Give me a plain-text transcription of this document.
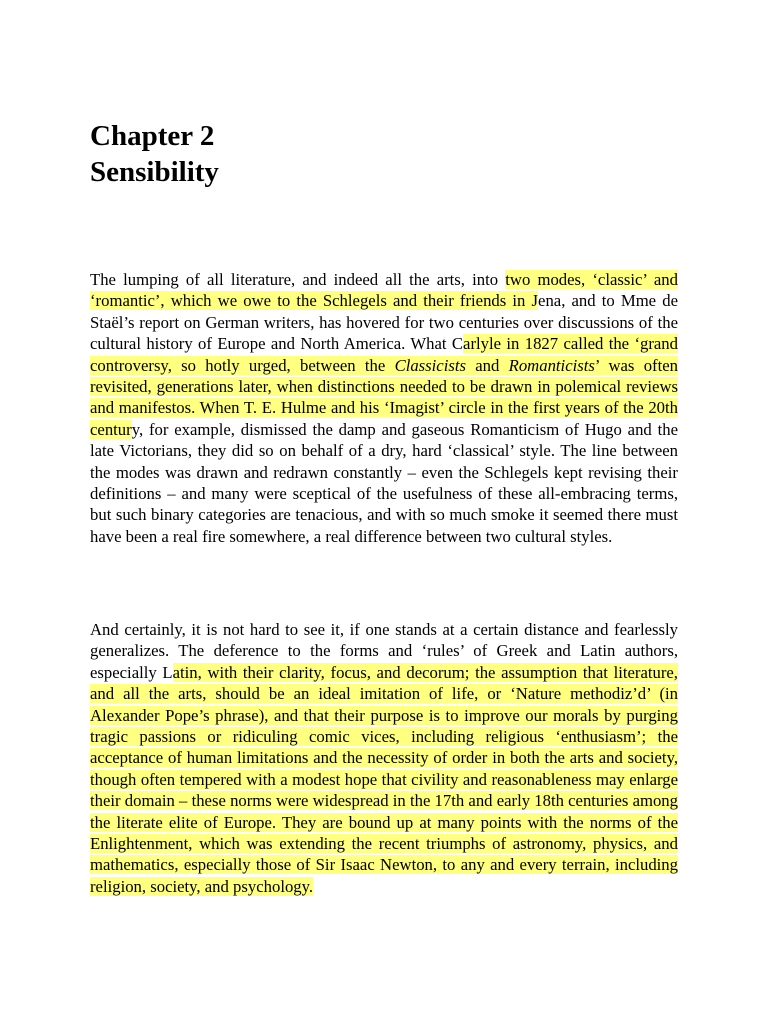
Chapter 2
Sensibility

The lumping of all literature, and indeed all the arts, into two modes, ‘classic’ and ‘romantic’, which we owe to the Schlegels and their friends in Jena, and to Mme de Staël’s report on German writers, has hovered for two centuries over discussions of the cultural history of Europe and North America. What Carlyle in 1827 called the ‘grand controversy, so hotly urged, between the Classicists and Romanticists’ was often revisited, generations later, when distinctions needed to be drawn in polemical reviews and manifestos. When T. E. Hulme and his ‘Imagist’ circle in the first years of the 20th century, for example, dismissed the damp and gaseous Romanticism of Hugo and the late Victorians, they did so on behalf of a dry, hard ‘classical’ style. The line between the modes was drawn and redrawn constantly – even the Schlegels kept revising their definitions – and many were sceptical of the usefulness of these all-embracing terms, but such binary categories are tenacious, and with so much smoke it seemed there must have been a real fire somewhere, a real difference between two cultural styles.

And certainly, it is not hard to see it, if one stands at a certain distance and fearlessly generalizes. The deference to the forms and ‘rules’ of Greek and Latin authors, especially Latin, with their clarity, focus, and decorum; the assumption that literature, and all the arts, should be an ideal imitation of life, or ‘Nature methodiz’d’ (in Alexander Pope’s phrase), and that their purpose is to improve our morals by purging tragic passions or ridiculing comic vices, including religious ‘enthusiasm’; the acceptance of human limitations and the necessity of order in both the arts and society, though often tempered with a modest hope that civility and reasonableness may enlarge their domain – these norms were widespread in the 17th and early 18th centuries among the literate elite of Europe. They are bound up at many points with the norms of the Enlightenment, which was extending the recent triumphs of astronomy, physics, and mathematics, especially those of Sir Isaac Newton, to any and every terrain, including religion, society, and psychology.
